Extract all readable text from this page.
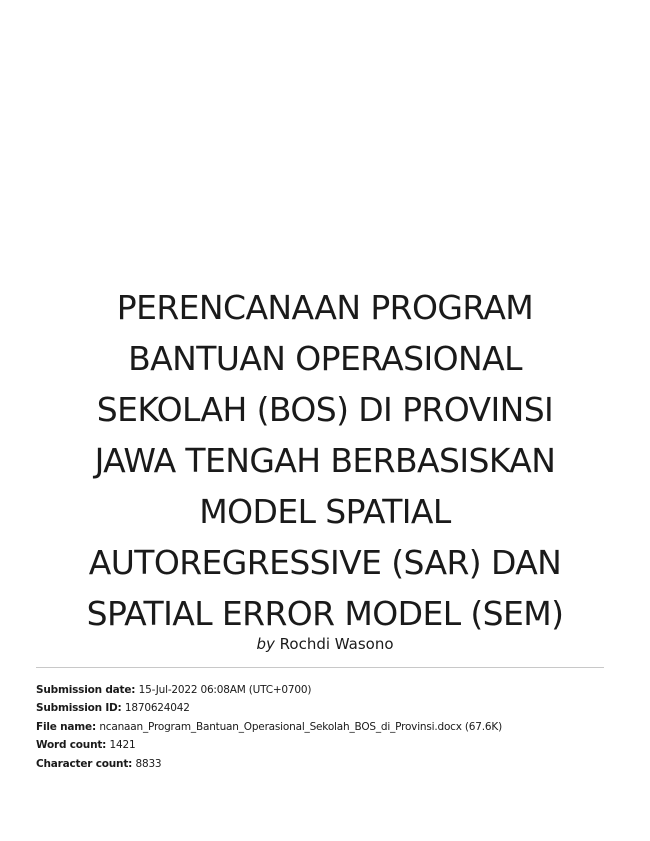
PERENCANAAN PROGRAM
BANTUAN OPERASIONAL
SEKOLAH (BOS) DI PROVINSI
JAWA TENGAH BERBASISKAN
MODEL SPATIAL
AUTOREGRESSIVE (SAR) DAN
SPATIAL ERROR MODEL (SEM)
by Rochdi Wasono
Submission date: 15-Jul-2022 06:08AM (UTC+0700)
Submission ID: 1870624042
File name: ncanaan_Program_Bantuan_Operasional_Sekolah_BOS_di_Provinsi.docx (67.6K)
Word count: 1421
Character count: 8833
